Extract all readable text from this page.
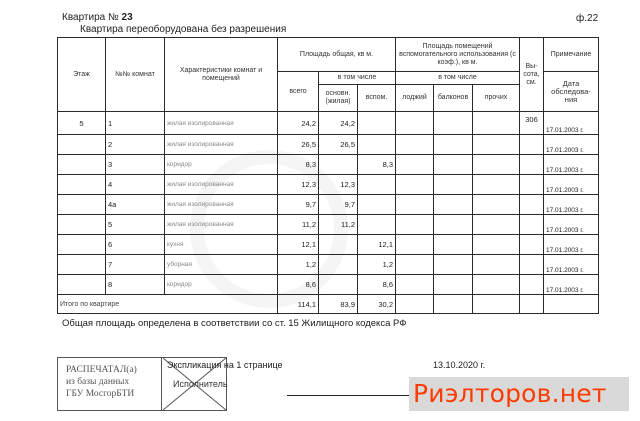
Квартира № 23
Квартира переоборудована без разрешения
ф.22
Этаж	№№ комнат	Характеристики комнат и помещений	Площадь общая, кв м.			Площадь помещений вспомогательного использования (с коэф.), кв м.			Вы- сота, см.	Примечание
			всего	в том числе		в том числе				Дата обследова- ния
				основн. (жилая)	вспом.	лоджий	балконов	прочих		
5	1	жилая изолированная	24,2	24,2					306	17.01.2003 г.
	2	жилая изолированная	26,5	26,5						17.01.2003 г.
	3	коридор	8,3		8,3					17.01.2003 г.
	4	жилая изолированная	12,3	12,3						17.01.2003 г.
	4а	жилая изолированная	9,7	9,7						17.01.2003 г.
	5	жилая изолированная	11,2	11,2						17.01.2003 г.
	6	кухня	12,1		12,1					17.01.2003 г.
	7	уборная	1,2		1,2					17.01.2003 г.
	8	коридор	8,6		8,6					17.01.2003 г.
Итого по квартире			114,1	83,9	30,2					
Общая площадь определена в соответствии со ст. 15 Жилищного кодекса РФ
РАСПЕЧАТАЛ(а)
из базы данных
ГБУ МосгорБТИ
Экспликация на 1 странице
Исполнитель
13.10.2020 г.
Риэлторов.нет
